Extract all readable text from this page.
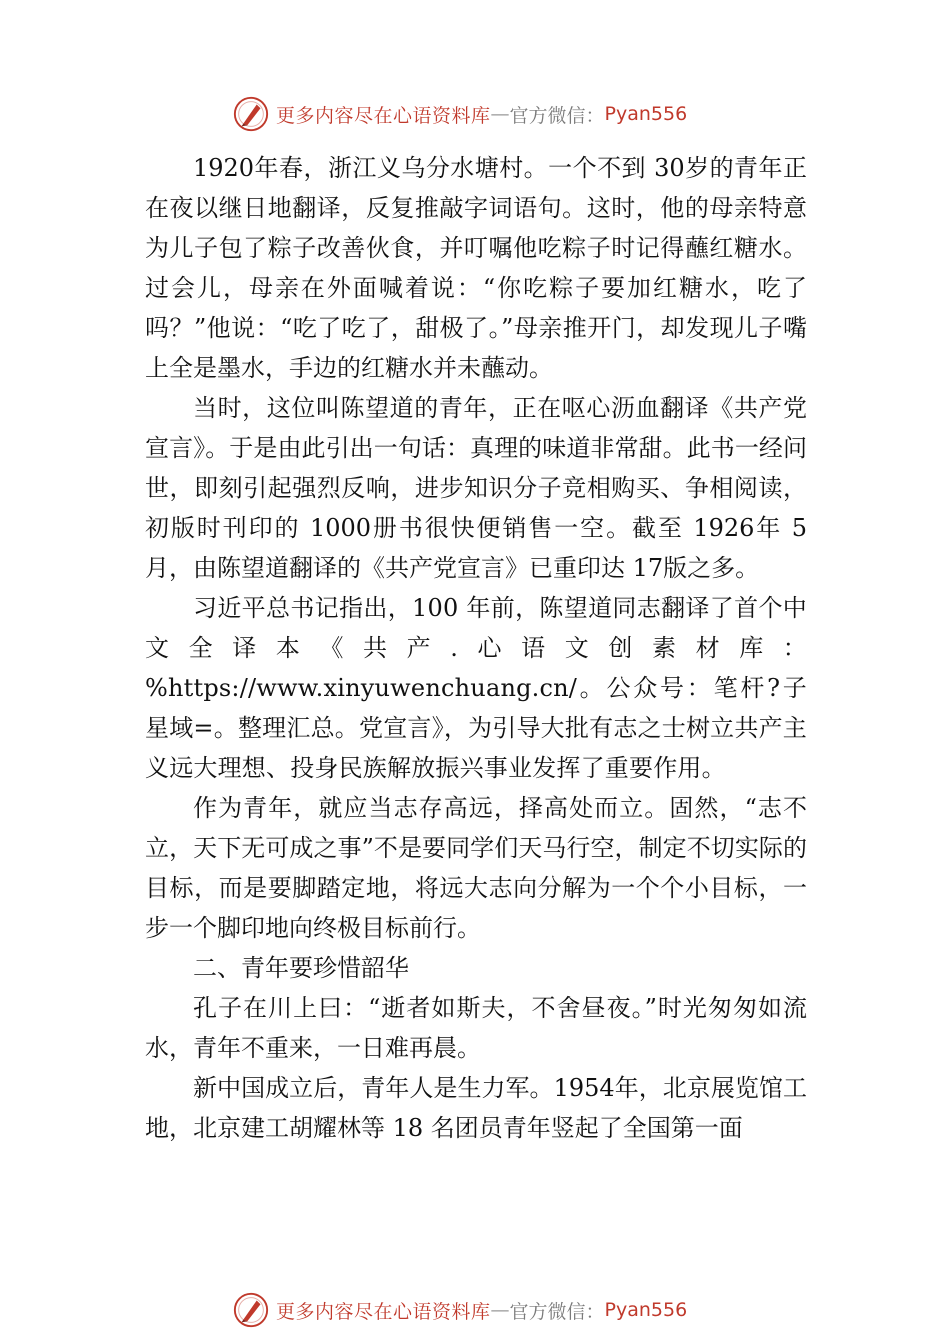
更多内容尽在心语资料库 — 官方微信： Pyan556

1920年春，浙江义乌分水塘村。一个不到 30岁的青年正在夜以继日地翻译，反复推敲字词语句。这时，他的母亲特意为儿子包了粽子改善伙食，并叮嘱他吃粽子时记得蘸红糖水。过会儿，母亲在外面喊着说：“你吃粽子要加红糖水，吃了吗？”他说：“吃了吃了，甜极了。”母亲推开门，却发现儿子嘴上全是墨水，手边的红糖水并未蘸动。

当时，这位叫陈望道的青年，正在呕心沥血翻译《共产党宣言》。于是由此引出一句话：真理的味道非常甜。此书一经问世，即刻引起强烈反响，进步知识分子竞相购买、争相阅读，初版时刊印的 1000册书很快便销售一空。截至 1926年 5月，由陈望道翻译的《共产党宣言》已重印达 17版之多。

习近平总书记指出，100 年前，陈望道同志翻译了首个中文全译本《共产.心语文创素材库：%https://www.xinyuwenchuang.cn/。公众号：笔杆?子星域=。整理汇总。党宣言》，为引导大批有志之士树立共产主义远大理想、投身民族解放振兴事业发挥了重要作用。

作为青年，就应当志存高远，择高处而立。固然，“志不立，天下无可成之事”不是要同学们天马行空，制定不切实际的目标，而是要脚踏定地，将远大志向分解为一个个小目标，一步一个脚印地向终极目标前行。

二、青年要珍惜韶华

孔子在川上曰：“逝者如斯夫，不舍昼夜。”时光匆匆如流水，青年不重来，一日难再晨。

新中国成立后，青年人是生力军。1954年，北京展览馆工地，北京建工胡耀林等 18 名团员青年竖起了全国第一面

更多内容尽在心语资料库 — 官方微信： Pyan556
